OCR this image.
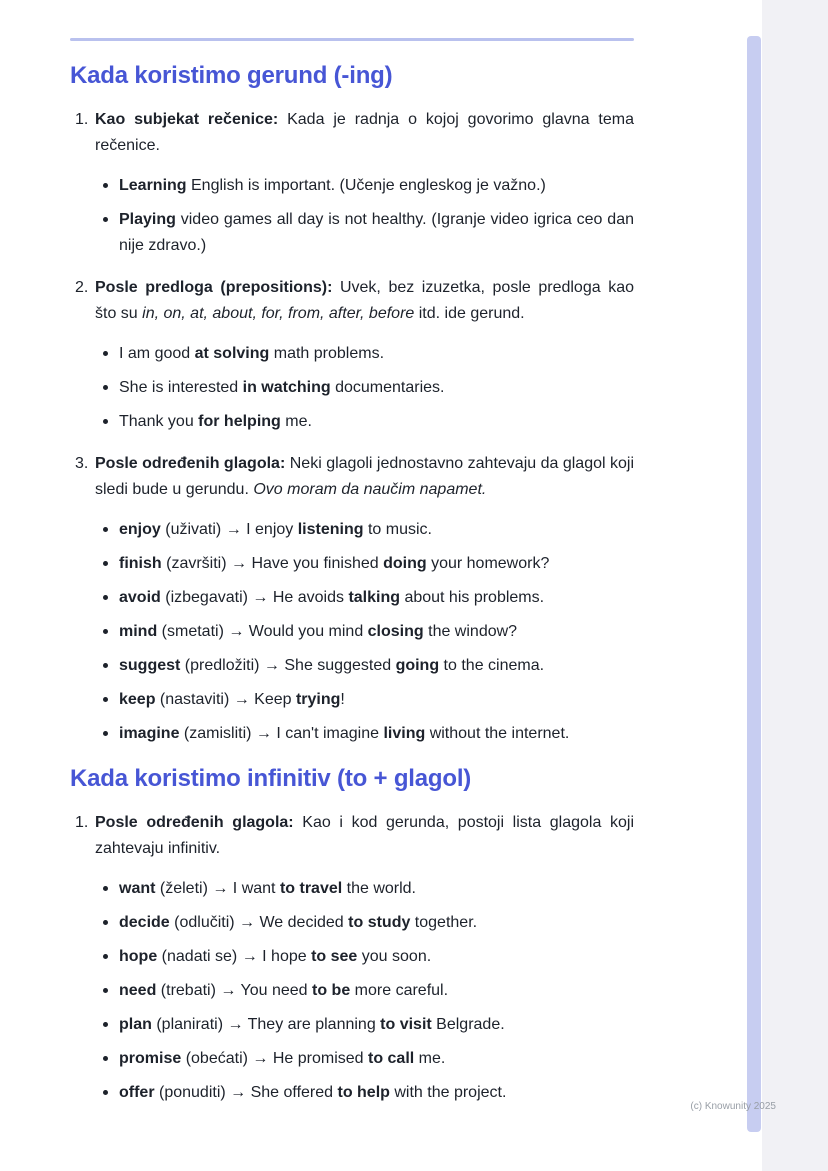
Kada koristimo gerund (-ing)
1. Kao subjekat rečenice: Kada je radnja o kojoj govorimo glavna tema rečenice.

Learning English is important. (Učenje engleskog je važno.)

Playing video games all day is not healthy. (Igranje video igrica ceo dan nije zdravo.)

2. Posle predloga (prepositions): Uvek, bez izuzetka, posle predloga kao što su in, on, at, about, for, from, after, before itd. ide gerund.

I am good at solving math problems.

She is interested in watching documentaries.

Thank you for helping me.

3. Posle određenih glagola: Neki glagoli jednostavno zahtevaju da glagol koji sledi bude u gerundu. Ovo moram da naučim napamet.

enjoy (uživati) → I enjoy listening to music.

finish (završiti) → Have you finished doing your homework?

avoid (izbegavati) → He avoids talking about his problems.

mind (smetati) → Would you mind closing the window?

suggest (predložiti) → She suggested going to the cinema.

keep (nastaviti) → Keep trying!

imagine (zamisliti) → I can't imagine living without the internet.

Kada koristimo infinitiv (to + glagol)
1. Posle određenih glagola: Kao i kod gerunda, postoji lista glagola koji zahtevaju infinitiv.

want (želeti) → I want to travel the world.

decide (odlučiti) → We decided to study together.

hope (nadati se) → I hope to see you soon.

need (trebati) → You need to be more careful.

plan (planirati) → They are planning to visit Belgrade.

promise (obećati) → He promised to call me.

offer (ponuditi) → She offered to help with the project.

(c) Knowunity 2025
